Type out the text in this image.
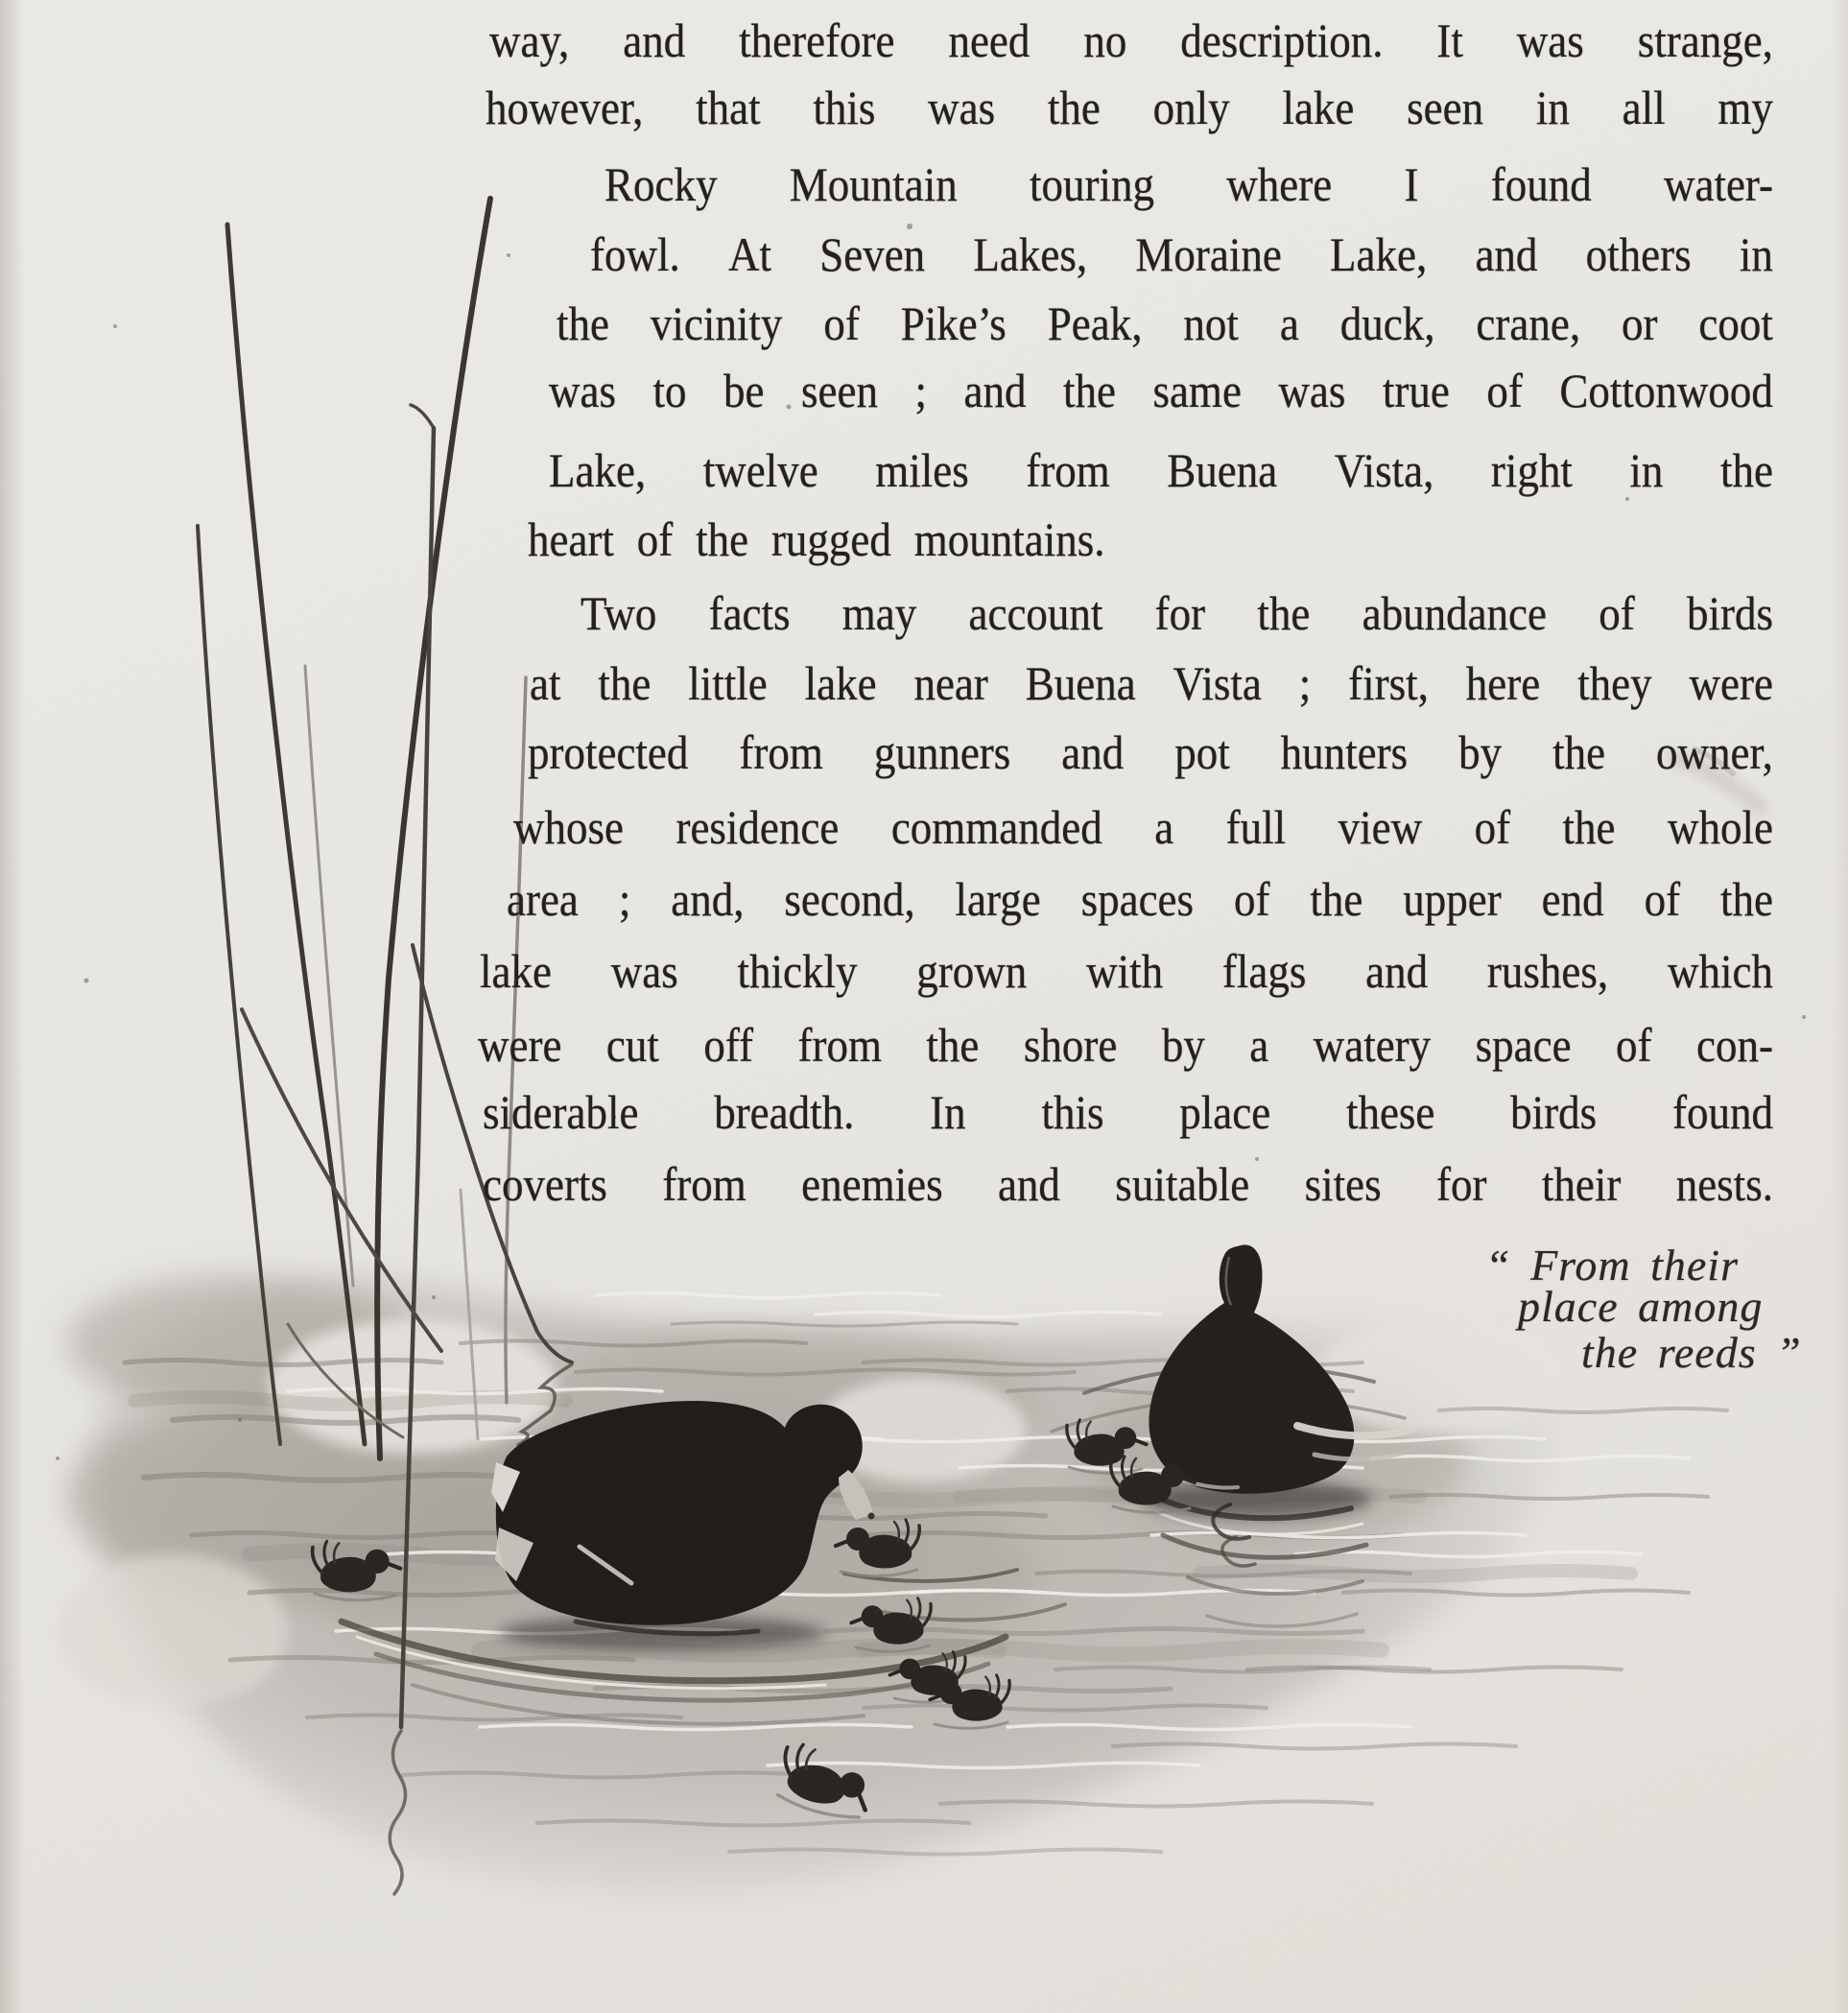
way, and therefore need no description. It was strange,
however, that this was the only lake seen in all my
Rocky Mountain touring where I found water-
fowl. At Seven Lakes, Moraine Lake, and others in
the vicinity of Pike’s Peak, not a duck, crane, or coot
was to be seen ; and the same was true of Cottonwood
Lake, twelve miles from Buena Vista, right in the
heart of the rugged mountains.
Two facts may account for the abundance of birds
at the little lake near Buena Vista ; first, here they were
protected from gunners and pot hunters by the owner,
whose residence commanded a full view of the whole
area ; and, second, large spaces of the upper end of the
lake was thickly grown with flags and rushes, which
were cut off from the shore by a watery space of con-
siderable breadth. In this place these birds found
coverts from enemies and suitable sites for their nests.
“ From their
place among
the reeds ”
